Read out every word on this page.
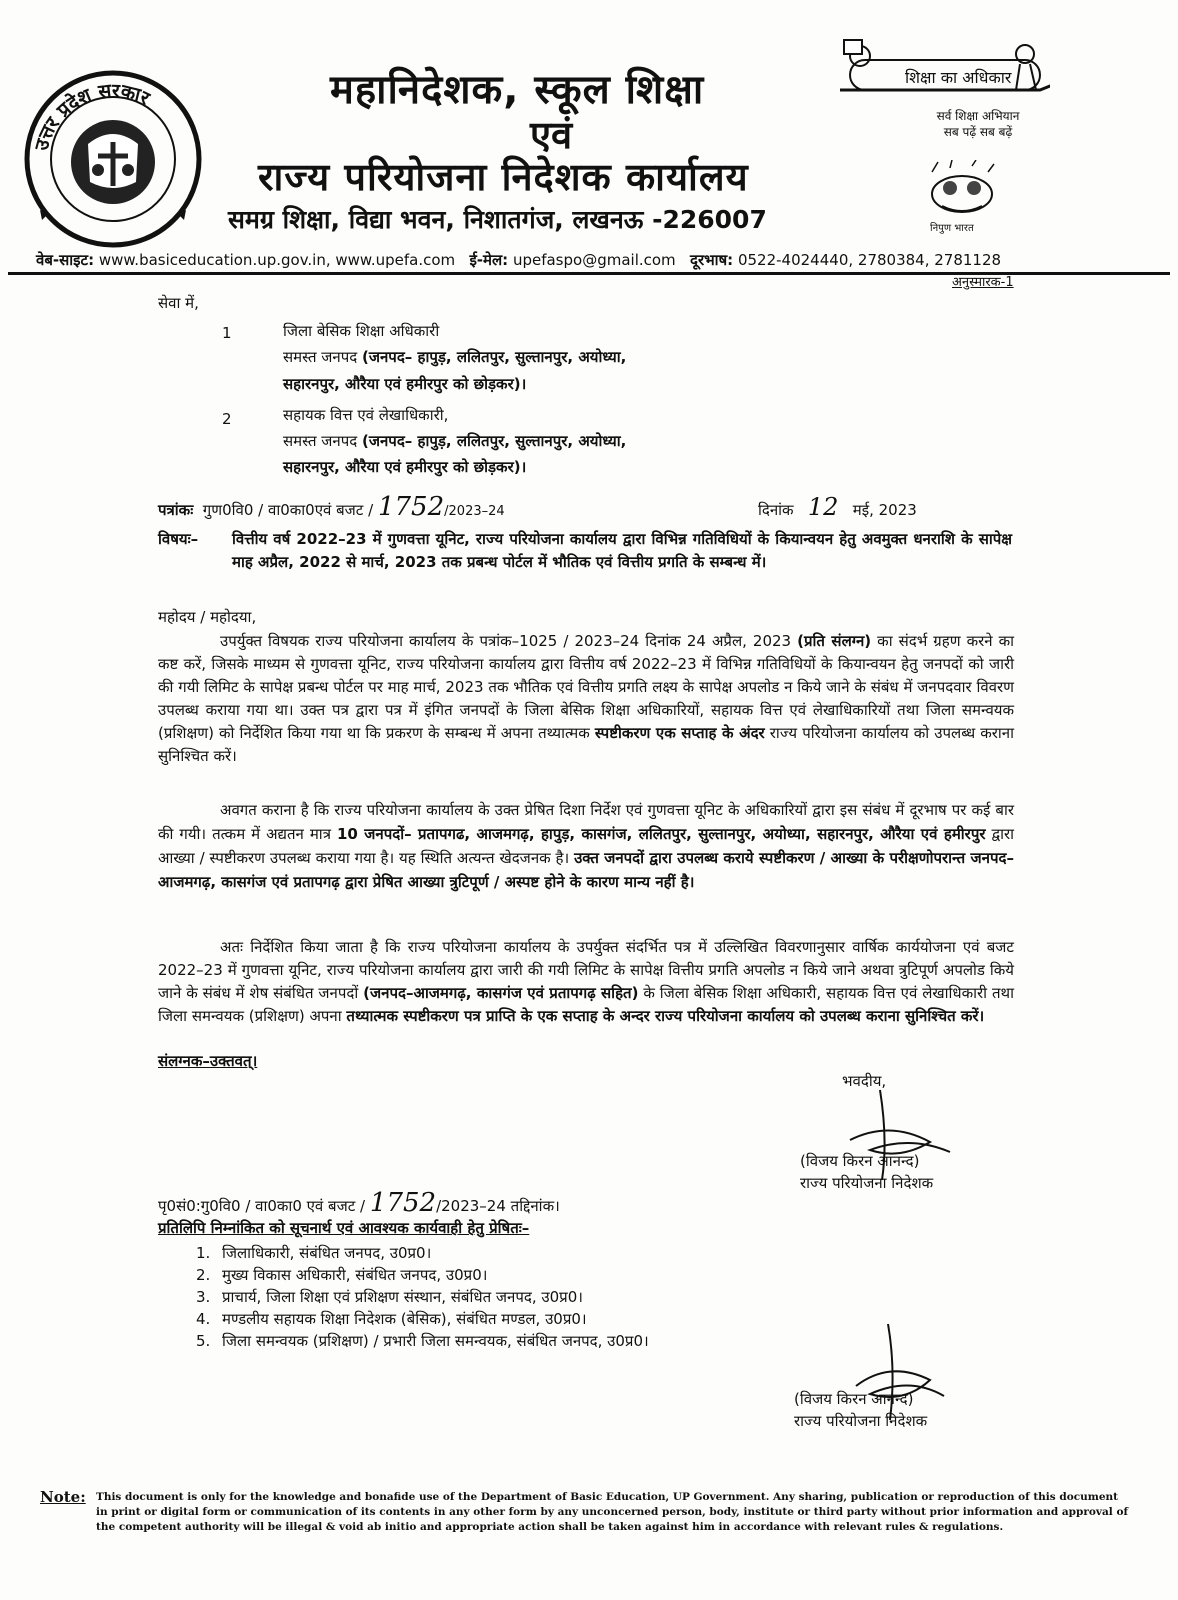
उत्तर प्रदेश सरकार	महानिदेशक, स्कूल शिक्षा
एवं
राज्य परियोजना निदेशक कार्यालय
समग्र शिक्षा, विद्या भवन, निशातगंज, लखनऊ -226007
शिक्षा का अधिकार
सर्व शिक्षा अभियान
सब पढ़ें सब बढ़ें
निपुण भारत
वेब-साइट: www.basiceducation.up.gov.in, www.upefa.com ई-मेल: upefaspo@gmail.com दूरभाष: 0522-4024440, 2780384, 2781128
अनुस्मारक-1
सेवा में,
1	जिला बेसिक शिक्षा अधिकारी
समस्त जनपद (जनपद– हापुड़, ललितपुर, सुल्तानपुर, अयोध्या,
सहारनपुर, औरैया एवं हमीरपुर को छोड़कर)।
2	सहायक वित्त एवं लेखाधिकारी,
समस्त जनपद (जनपद– हापुड़, ललितपुर, सुल्तानपुर, अयोध्या,
सहारनपुर, औरैया एवं हमीरपुर को छोड़कर)।
पत्रांकः गुण0वि0 / वा0का0एवं बजट / 1752/2023–24	दिनांक 12 मई, 2023
विषयः– वित्तीय वर्ष 2022–23 में गुणवत्ता यूनिट, राज्य परियोजना कार्यालय द्वारा विभिन्न गतिविधियों के कियान्वयन हेतु अवमुक्त धनराशि के सापेक्ष माह अप्रैल, 2022 से मार्च, 2023 तक प्रबन्ध पोर्टल में भौतिक एवं वित्तीय प्रगति के सम्बन्ध में।
महोदय / महोदया,
उपर्युक्त विषयक राज्य परियोजना कार्यालय के पत्रांक–1025 / 2023–24 दिनांक 24 अप्रैल, 2023 (प्रति संलग्न) का संदर्भ ग्रहण करने का कष्ट करें, जिसके माध्यम से गुणवत्ता यूनिट, राज्य परियोजना कार्यालय द्वारा वित्तीय वर्ष 2022–23 में विभिन्न गतिविधियों के कियान्वयन हेतु जनपदों को जारी की गयी लिमिट के सापेक्ष प्रबन्ध पोर्टल पर माह मार्च, 2023 तक भौतिक एवं वित्तीय प्रगति लक्ष्य के सापेक्ष अपलोड न किये जाने के संबंध में जनपदवार विवरण उपलब्ध कराया गया था। उक्त पत्र द्वारा पत्र में इंगित जनपदों के जिला बेसिक शिक्षा अधिकारियों, सहायक वित्त एवं लेखाधिकारियों तथा जिला समन्वयक (प्रशिक्षण) को निर्देशित किया गया था कि प्रकरण के सम्बन्ध में अपना तथ्यात्मक स्पष्टीकरण एक सप्ताह के अंदर राज्य परियोजना कार्यालय को उपलब्ध कराना सुनिश्चित करें।
अवगत कराना है कि राज्य परियोजना कार्यालय के उक्त प्रेषित दिशा निर्देश एवं गुणवत्ता यूनिट के अधिकारियों द्वारा इस संबंध में दूरभाष पर कई बार की गयी। तत्कम में अद्यतन मात्र 10 जनपदों– प्रतापगढ, आजमगढ़, हापुड़, कासगंज, ललितपुर, सुल्तानपुर, अयोध्या, सहारनपुर, औरैया एवं हमीरपुर द्वारा आख्या / स्पष्टीकरण उपलब्ध कराया गया है। यह स्थिति अत्यन्त खेदजनक है। उक्त जनपदों द्वारा उपलब्ध कराये स्पष्टीकरण / आख्या के परीक्षणोपरान्त जनपद–आजमगढ़, कासगंज एवं प्रतापगढ़ द्वारा प्रेषित आख्या त्रुटिपूर्ण / अस्पष्ट होने के कारण मान्य नहीं है।
अतः निर्देशित किया जाता है कि राज्य परियोजना कार्यालय के उपर्युक्त संदर्भित पत्र में उल्लिखित विवरणानुसार वार्षिक कार्ययोजना एवं बजट 2022–23 में गुणवत्ता यूनिट, राज्य परियोजना कार्यालय द्वारा जारी की गयी लिमिट के सापेक्ष वित्तीय प्रगति अपलोड न किये जाने अथवा त्रुटिपूर्ण अपलोड किये जाने के संबंध में शेष संबंधित जनपदों (जनपद–आजमगढ़, कासगंज एवं प्रतापगढ़ सहित) के जिला बेसिक शिक्षा अधिकारी, सहायक वित्त एवं लेखाधिकारी तथा जिला समन्वयक (प्रशिक्षण) अपना तथ्यात्मक स्पष्टीकरण पत्र प्राप्ति के एक सप्ताह के अन्दर राज्य परियोजना कार्यालय को उपलब्ध कराना सुनिश्चित करें।
संलग्नक–उक्तवत्।
भवदीय,
(विजय किरन आनन्द)
राज्य परियोजना निदेशक
पृ0सं0:गु0वि0 / वा0का0 एवं बजट / 1752/2023–24 तद्दिनांक।
प्रतिलिपि निम्नांकित को सूचनार्थ एवं आवश्यक कार्यवाही हेतु प्रेषितः–
1. जिलाधिकारी, संबंधित जनपद, उ0प्र0।
2. मुख्य विकास अधिकारी, संबंधित जनपद, उ0प्र0।
3. प्राचार्य, जिला शिक्षा एवं प्रशिक्षण संस्थान, संबंधित जनपद, उ0प्र0।
4. मण्डलीय सहायक शिक्षा निदेशक (बेसिक), संबंधित मण्डल, उ0प्र0।
5. जिला समन्वयक (प्रशिक्षण) / प्रभारी जिला समन्वयक, संबंधित जनपद, उ0प्र0।
(विजय किरन आनन्द)
राज्य परियोजना निदेशक
Note: This document is only for the knowledge and bonafide use of the Department of Basic Education, UP Government. Any sharing, publication or reproduction of this document in print or digital form or communication of its contents in any other form by any unconcerned person, body, institute or third party without prior information and approval of the competent authority will be illegal & void ab initio and appropriate action shall be taken against him in accordance with relevant rules & regulations.
